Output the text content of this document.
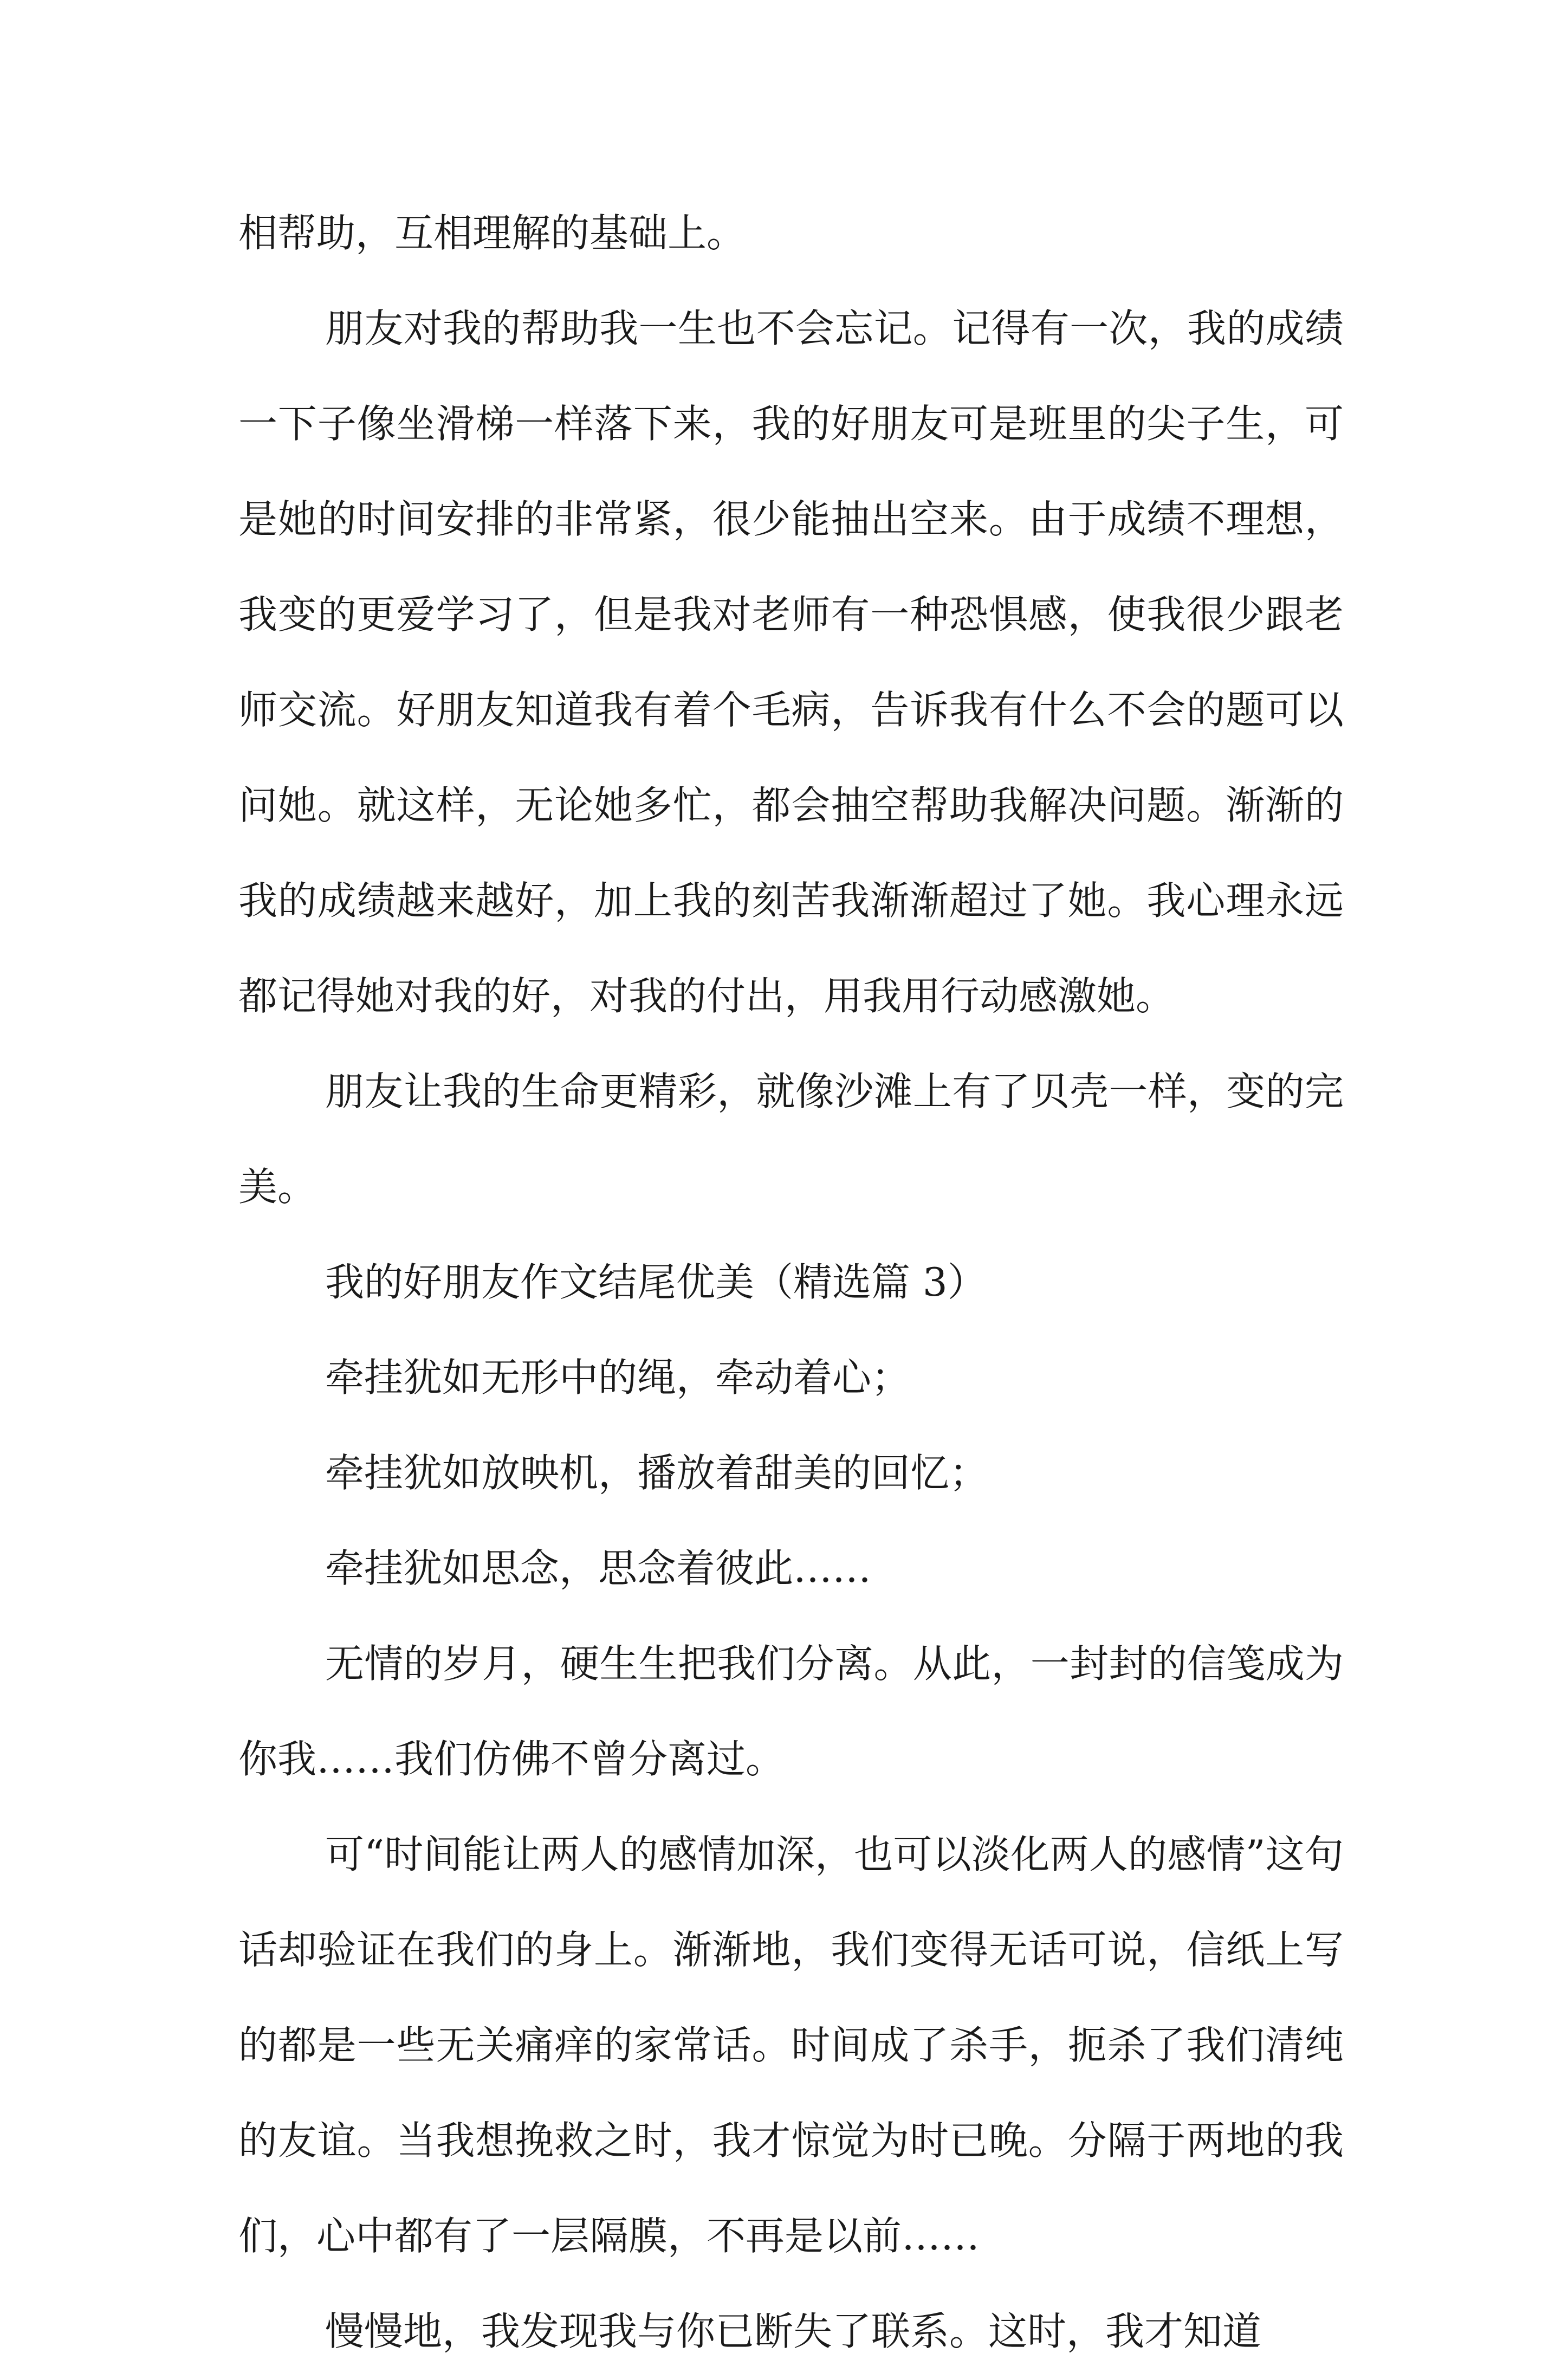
相帮助，互相理解的基础上。

朋友对我的帮助我一生也不会忘记。记得有一次，我的成绩一下子像坐滑梯一样落下来，我的好朋友可是班里的尖子生，可是她的时间安排的非常紧，很少能抽出空来。由于成绩不理想，我变的更爱学习了，但是我对老师有一种恐惧感，使我很少跟老师交流。好朋友知道我有着个毛病，告诉我有什么不会的题可以问她。就这样，无论她多忙，都会抽空帮助我解决问题。渐渐的我的成绩越来越好，加上我的刻苦我渐渐超过了她。我心理永远都记得她对我的好，对我的付出，用我用行动感激她。

朋友让我的生命更精彩，就像沙滩上有了贝壳一样，变的完美。

我的好朋友作文结尾优美（精选篇 3）

牵挂犹如无形中的绳，牵动着心；

牵挂犹如放映机，播放着甜美的回忆；

牵挂犹如思念，思念着彼此……

无情的岁月，硬生生把我们分离。从此，一封封的信笺成为你我……我们仿佛不曾分离过。

可“时间能让两人的感情加深，也可以淡化两人的感情”这句话却验证在我们的身上。渐渐地，我们变得无话可说，信纸上写的都是一些无关痛痒的家常话。时间成了杀手，扼杀了我们清纯的友谊。当我想挽救之时，我才惊觉为时已晚。分隔于两地的我们，心中都有了一层隔膜，不再是以前……

慢慢地，我发现我与你已断失了联系。这时，我才知道
